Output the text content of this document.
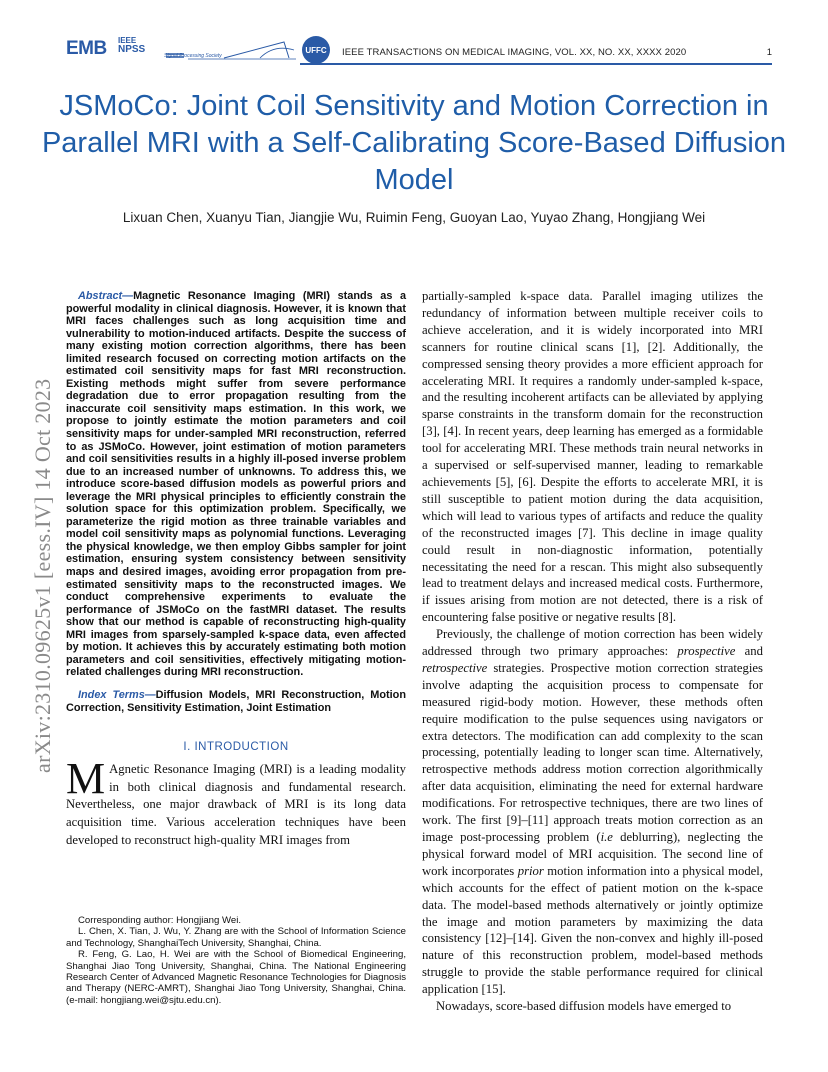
EMB IEEE
NPSS
Signal Processing Society
UFFC	IEEE TRANSACTIONS ON MEDICAL IMAGING, VOL. XX, NO. XX, XXXX 2020	1
JSMoCo: Joint Coil Sensitivity and Motion Correction in Parallel MRI with a Self-Calibrating Score-Based Diffusion Model
Lixuan Chen, Xuanyu Tian, Jiangjie Wu, Ruimin Feng, Guoyan Lao, Yuyao Zhang, Hongjiang Wei
arXiv:2310.09625v1 [eess.IV] 14 Oct 2023

Abstract—Magnetic Resonance Imaging (MRI) stands as a powerful modality in clinical diagnosis. However, it is known that MRI faces challenges such as long acquisition time and vulnerability to motion-induced artifacts. Despite the success of many existing motion correction algorithms, there has been limited research focused on correcting motion artifacts on the estimated coil sensitivity maps for fast MRI reconstruction. Existing methods might suffer from severe performance degradation due to error propagation resulting from the inaccurate coil sensitivity maps estimation. In this work, we propose to jointly estimate the motion parameters and coil sensitivity maps for under-sampled MRI reconstruction, referred to as JSMoCo. However, joint estimation of motion parameters and coil sensitivities results in a highly ill-posed inverse problem due to an increased number of unknowns. To address this, we introduce score-based diffusion models as powerful priors and leverage the MRI physical principles to efficiently constrain the solution space for this optimization problem. Specifically, we parameterize the rigid motion as three trainable variables and model coil sensitivity maps as polynomial functions. Leveraging the physical knowledge, we then employ Gibbs sampler for joint estimation, ensuring system consistency between sensitivity maps and desired images, avoiding error propagation from pre-estimated sensitivity maps to the reconstructed images. We conduct comprehensive experiments to evaluate the performance of JSMoCo on the fastMRI dataset. The results show that our method is capable of reconstructing high-quality MRI images from sparsely-sampled k-space data, even affected by motion. It achieves this by accurately estimating both motion parameters and coil sensitivities, effectively mitigating motion-related challenges during MRI reconstruction.

Index Terms—Diffusion Models, MRI Reconstruction, Motion Correction, Sensitivity Estimation, Joint Estimation

I. INTRODUCTION

M Agnetic Resonance Imaging (MRI) is a leading modality in both clinical diagnosis and fundamental research. Nevertheless, one major drawback of MRI is its long data acquisition time. Various acceleration techniques have been developed to reconstruct high-quality MRI images from

Corresponding author: Hongjiang Wei.

L. Chen, X. Tian, J. Wu, Y. Zhang are with the School of Information Science and Technology, ShanghaiTech University, Shanghai, China.

R. Feng, G. Lao, H. Wei are with the School of Biomedical Engineering, Shanghai Jiao Tong University, Shanghai, China. The National Engineering Research Center of Advanced Magnetic Resonance Technologies for Diagnosis and Therapy (NERC-AMRT), Shanghai Jiao Tong University, Shanghai, China. (e-mail: hongjiang.wei@sjtu.edu.cn).

partially-sampled k-space data. Parallel imaging utilizes the redundancy of information between multiple receiver coils to achieve acceleration, and it is widely incorporated into MRI scanners for routine clinical scans [1], [2]. Additionally, the compressed sensing theory provides a more efficient approach for accelerating MRI. It requires a randomly under-sampled k-space, and the resulting incoherent artifacts can be alleviated by applying sparse constraints in the transform domain for the reconstruction [3], [4]. In recent years, deep learning has emerged as a formidable tool for accelerating MRI. These methods train neural networks in a supervised or self-supervised manner, leading to remarkable achievements [5], [6]. Despite the efforts to accelerate MRI, it is still susceptible to patient motion during the data acquisition, which will lead to various types of artifacts and reduce the quality of the reconstructed images [7]. This decline in image quality could result in non-diagnostic information, potentially necessitating the need for a rescan. This might also subsequently lead to treatment delays and increased medical costs. Furthermore, if issues arising from motion are not detected, there is a risk of encountering false positive or negative results [8].

Previously, the challenge of motion correction has been widely addressed through two primary approaches: prospective and retrospective strategies. Prospective motion correction strategies involve adapting the acquisition process to compensate for measured rigid-body motion. However, these methods often require modification to the pulse sequences using navigators or extra detectors. The modification can add complexity to the scan processing, potentially leading to longer scan time. Alternatively, retrospective methods address motion correction algorithmically after data acquisition, eliminating the need for external hardware modifications. For retrospective techniques, there are two lines of work. The first [9]–[11] approach treats motion correction as an image post-processing problem (i.e deblurring), neglecting the physical forward model of MRI acquisition. The second line of work incorporates prior motion information into a physical model, which accounts for the effect of patient motion on the k-space data. The model-based methods alternatively or jointly optimize the image and motion parameters by maximizing the data consistency [12]–[14]. Given the non-convex and highly ill-posed nature of this reconstruction problem, model-based methods struggle to provide the stable performance required for clinical application [15].

Nowadays, score-based diffusion models have emerged to
